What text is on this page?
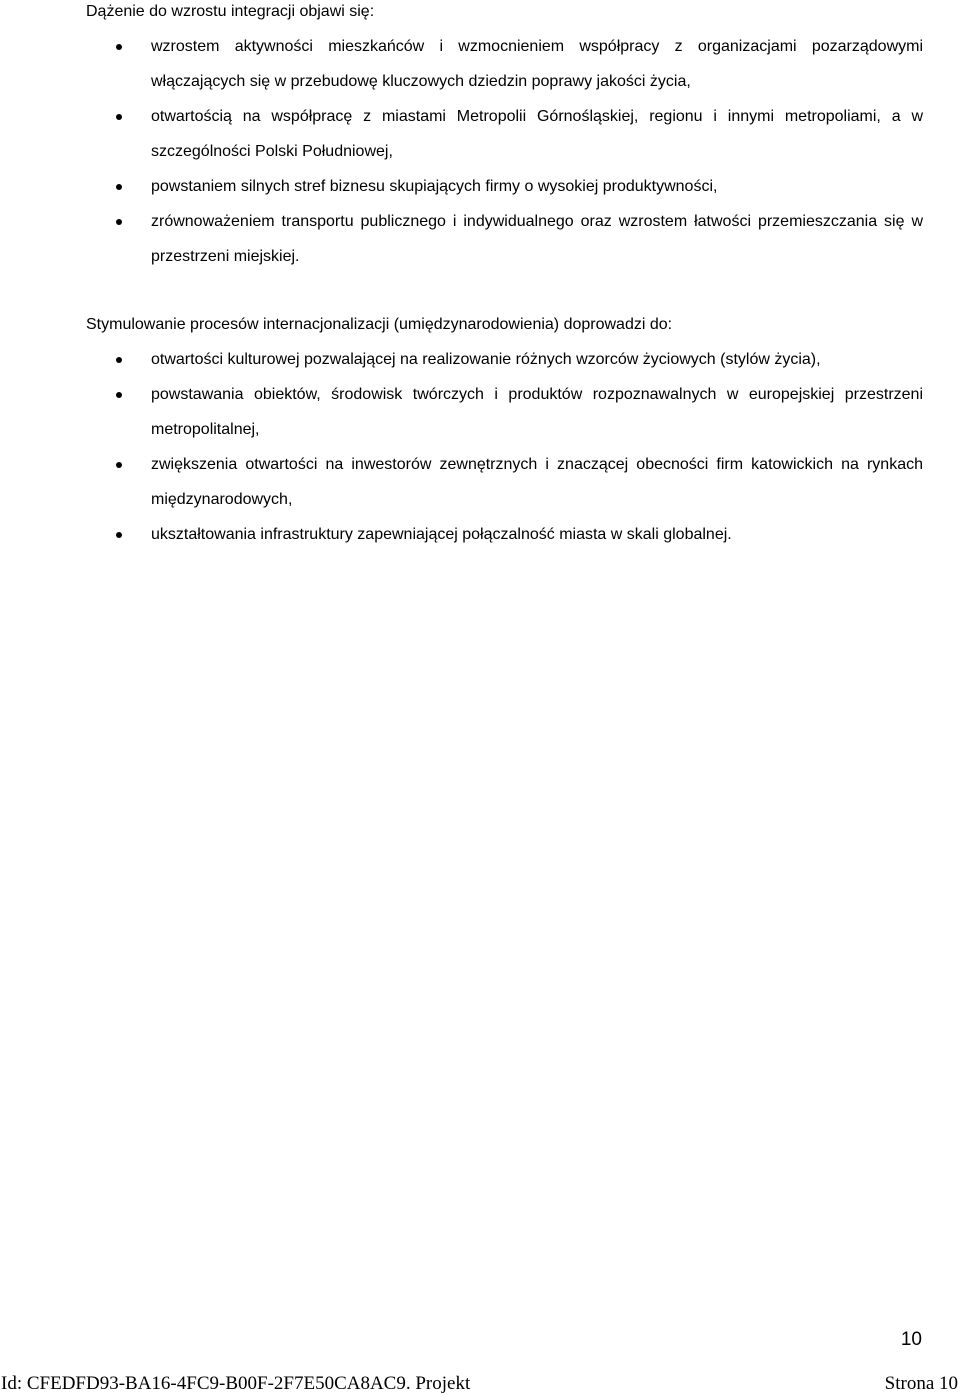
Dążenie do wzrostu integracji objawi się:

wzrostem aktywności mieszkańców i wzmocnieniem współpracy z organizacjami pozarządowymi włączających się w przebudowę kluczowych dziedzin poprawy jakości życia,
otwartością na współpracę z miastami Metropolii Górnośląskiej, regionu i innymi metropoliami, a w szczególności Polski Południowej,
powstaniem silnych stref biznesu skupiających firmy o wysokiej produktywności,
zrównoważeniem transportu publicznego i indywidualnego oraz wzrostem łatwości przemieszczania się w przestrzeni miejskiej.

Stymulowanie procesów internacjonalizacji (umiędzynarodowienia) doprowadzi do:

otwartości kulturowej pozwalającej na realizowanie różnych wzorców życiowych (stylów życia),
powstawania obiektów, środowisk twórczych i produktów rozpoznawalnych w europejskiej przestrzeni metropolitalnej,
zwiększenia otwartości na inwestorów zewnętrznych i znaczącej obecności firm katowickich na rynkach międzynarodowych,
ukształtowania infrastruktury zapewniającej połączalność miasta w skali globalnej.
10
Id: CFEDFD93-BA16-4FC9-B00F-2F7E50CA8AC9. Projekt	Strona 10
